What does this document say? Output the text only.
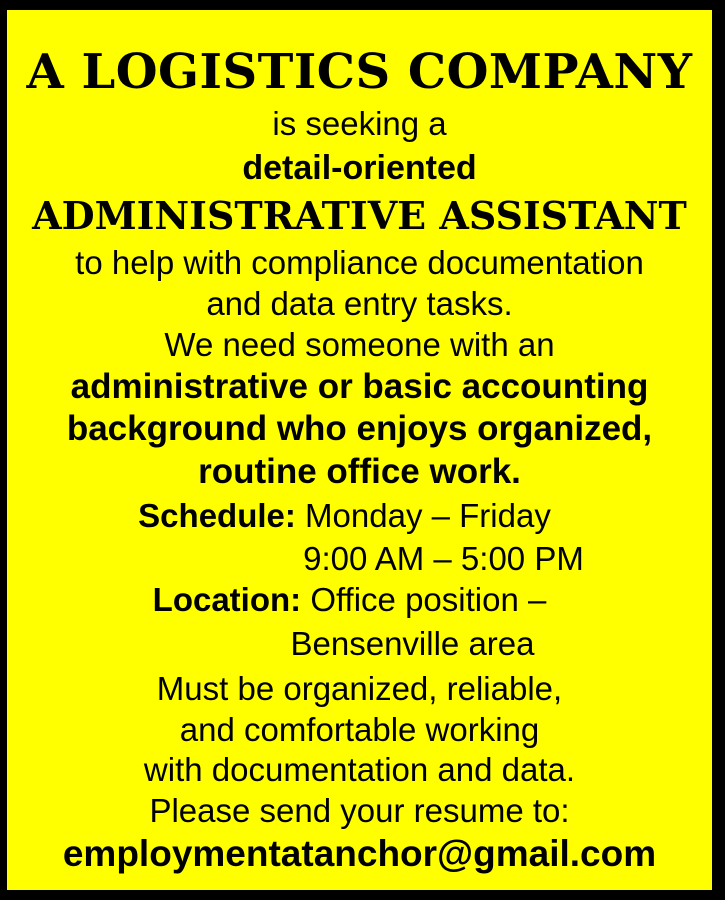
A LOGISTICS COMPANY
is seeking a
detail-oriented
ADMINISTRATIVE ASSISTANT
to help with compliance documentation
and data entry tasks.
We need someone with an
administrative or basic accounting
background who enjoys organized,
routine office work.
Schedule: Monday – Friday
9:00 AM – 5:00 PM
Location: Office position –
Bensenville area
Must be organized, reliable,
and comfortable working
with documentation and data.
Please send your resume to:
employmentatanchor@gmail.com
